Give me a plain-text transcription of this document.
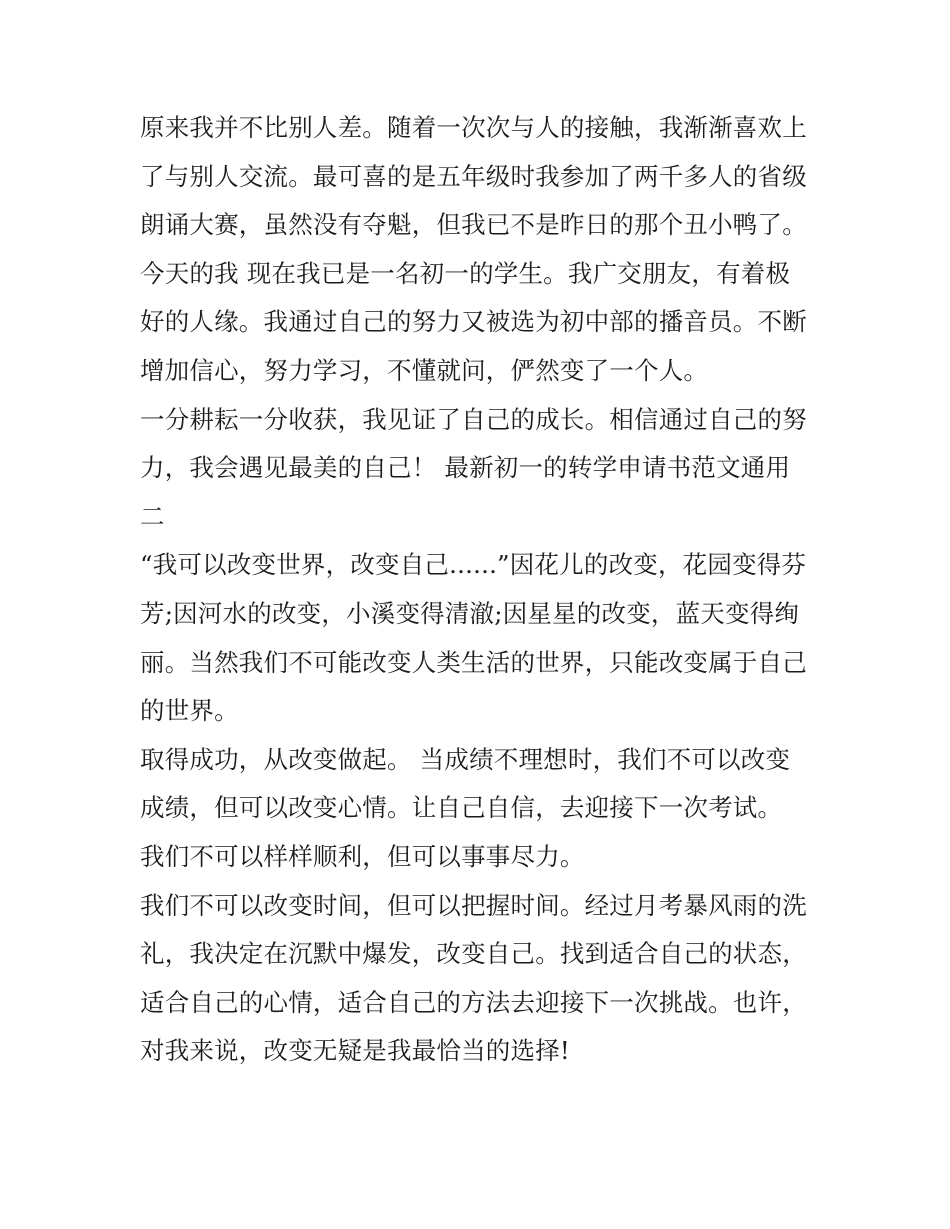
原来我并不比别人差。随着一次次与人的接触，我渐渐喜欢上
了与别人交流。最可喜的是五年级时我参加了两千多人的省级
朗诵大赛，虽然没有夺魁，但我已不是昨日的那个丑小鸭了。
今天的我 现在我已是一名初一的学生。我广交朋友，有着极
好的人缘。我通过自己的努力又被选为初中部的播音员。不断
增加信心，努力学习，不懂就问，俨然变了一个人。
一分耕耘一分收获，我见证了自己的成长。相信通过自己的努
力，我会遇见最美的自己！ 最新初一的转学申请书范文通用
二
“我可以改变世界，改变自己......”因花儿的改变，花园变得芬
芳;因河水的改变，小溪变得清澈;因星星的改变，蓝天变得绚
丽。当然我们不可能改变人类生活的世界，只能改变属于自己
的世界。
取得成功，从改变做起。 当成绩不理想时，我们不可以改变
成绩，但可以改变心情。让自己自信，去迎接下一次考试。
我们不可以样样顺利，但可以事事尽力。
我们不可以改变时间，但可以把握时间。经过月考暴风雨的洗
礼，我决定在沉默中爆发，改变自己。找到适合自己的状态，
适合自己的心情，适合自己的方法去迎接下一次挑战。也许，
对我来说，改变无疑是我最恰当的选择!
